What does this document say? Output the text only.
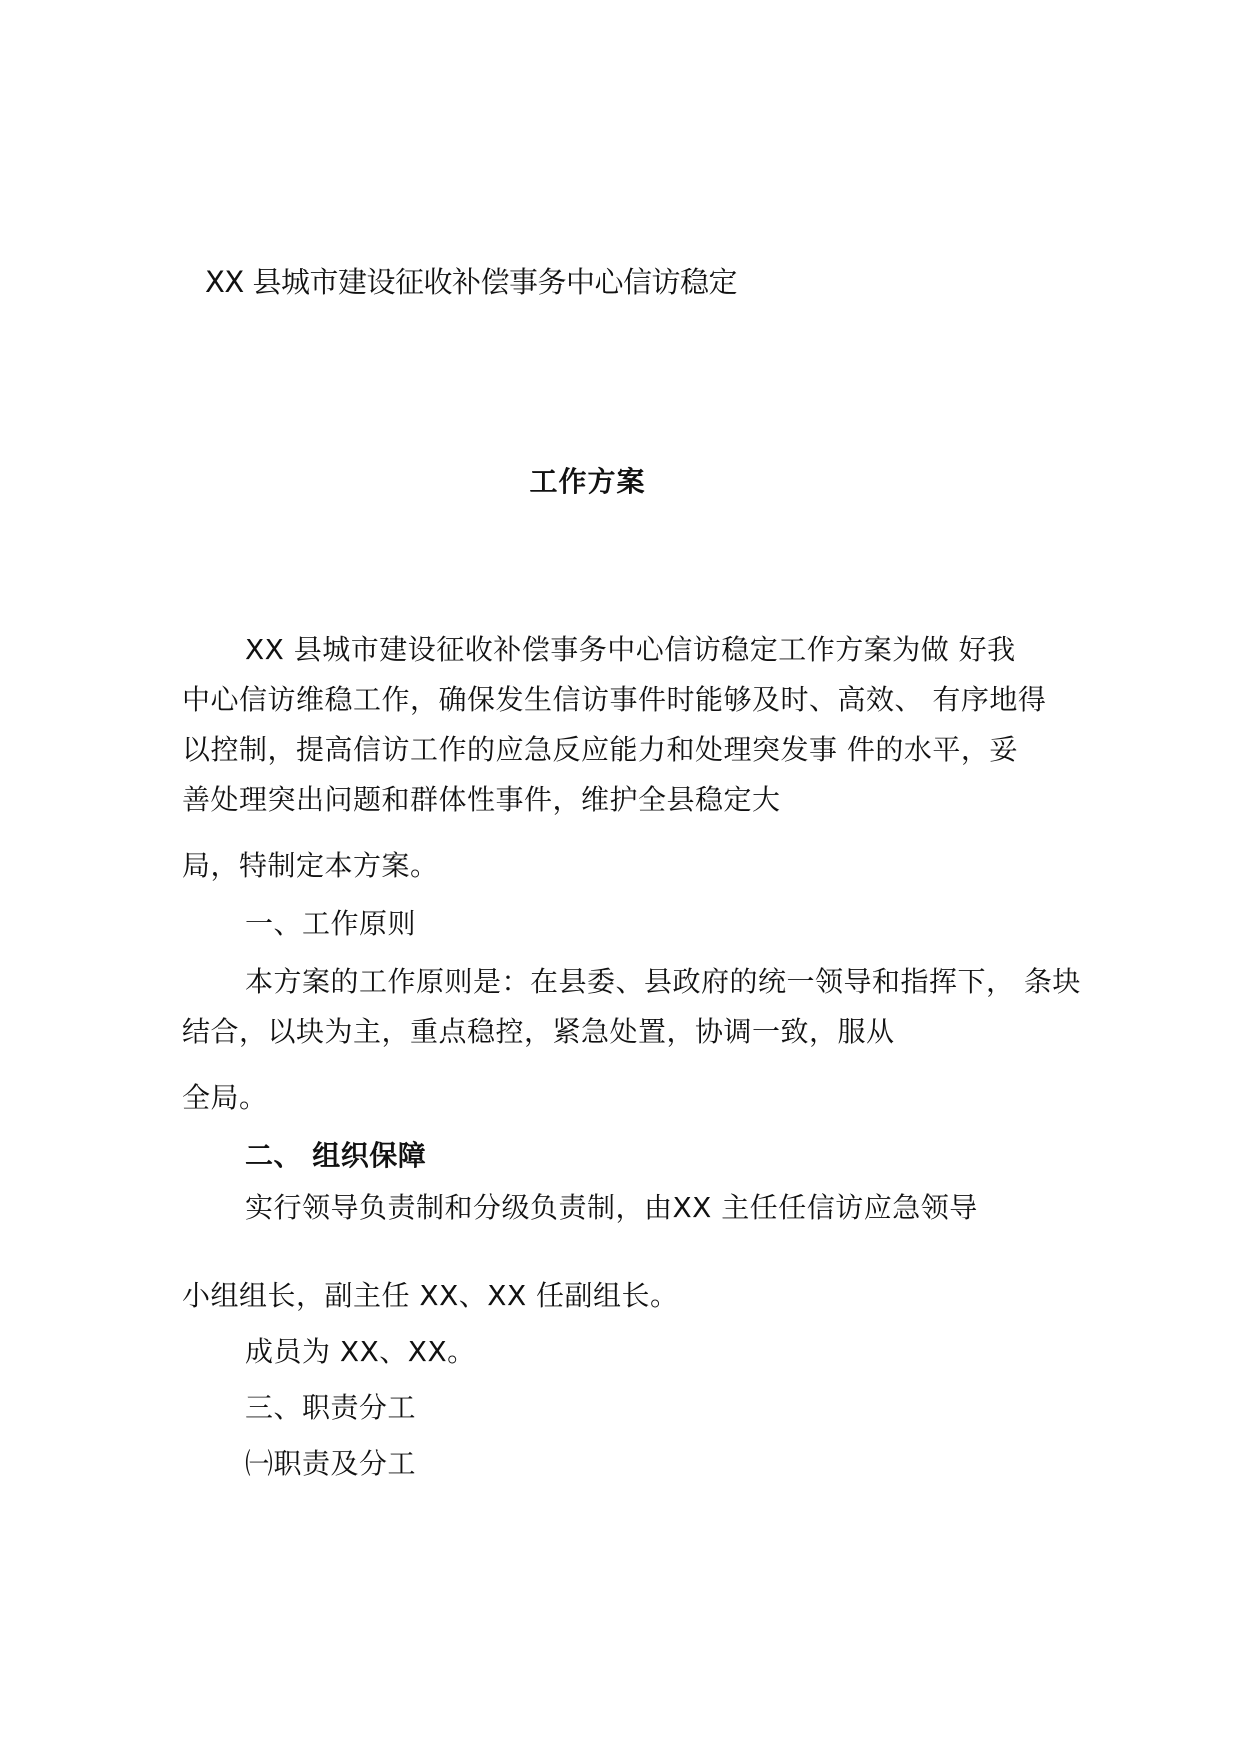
XX 县城市建设征收补偿事务中心信访稳定
工作方案
XX 县城市建设征收补偿事务中心信访稳定工作方案为做 好我
中心信访维稳工作，确保发生信访事件时能够及时、高效、 有序地得
以控制，提高信访工作的应急反应能力和处理突发事 件的水平，妥
善处理突出问题和群体性事件，维护全县稳定大
局，特制定本方案。
一、工作原则
本方案的工作原则是：在县委、县政府的统一领导和指挥下， 条块
结合，以块为主，重点稳控，紧急处置，协调一致，服从
全局。
二、 组织保障
实行领导负责制和分级负责制，由XX 主任任信访应急领导
小组组长，副主任 XX、XX 任副组长。
成员为 XX、XX。
三、职责分工
㈠职责及分工
